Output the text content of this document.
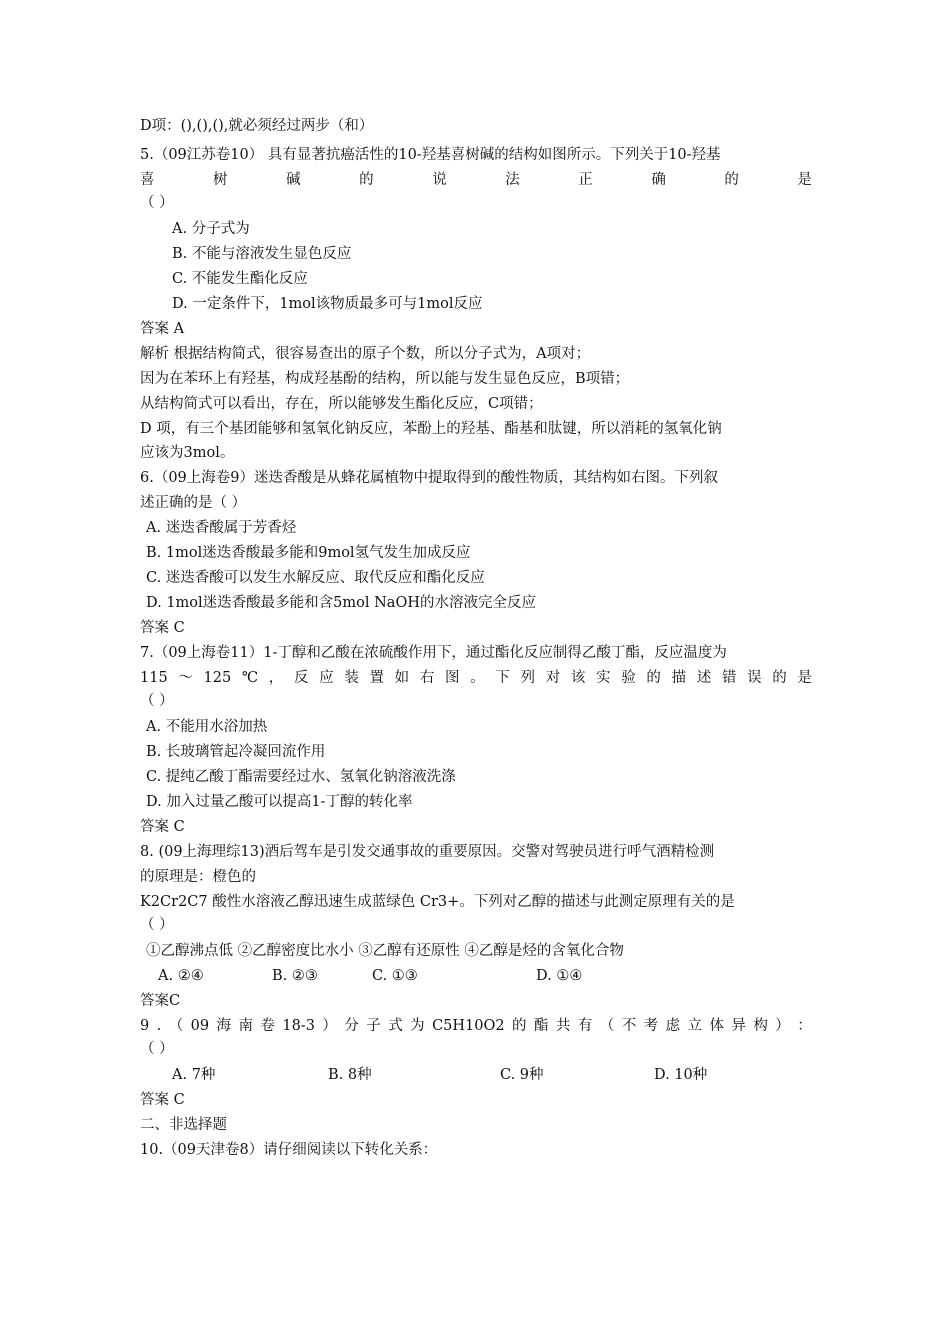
D项：(),(),(),就必须经过两步（和）
5.（09江苏卷10） 具有显著抗癌活性的10-羟基喜树碱的结构如图所示。下列关于10-羟基
喜	树	碱	的	说	法	正	确	的	是
（ ）
A. 分子式为
B. 不能与溶液发生显色反应
C. 不能发生酯化反应
D. 一定条件下，1mol该物质最多可与1mol反应
答案 A
解析 根据结构简式，很容易查出的原子个数，所以分子式为，A项对；
因为在苯环上有羟基，构成羟基酚的结构，所以能与发生显色反应，B项错；
从结构简式可以看出，存在，所以能够发生酯化反应，C项错；
D 项，有三个基团能够和氢氧化钠反应，苯酚上的羟基、酯基和肽键，所以消耗的氢氧化钠
应该为3mol。
6.（09上海卷9）迷迭香酸是从蜂花属植物中提取得到的酸性物质，其结构如右图。下列叙
述正确的是（ ）
A. 迷迭香酸属于芳香烃
B. 1mol迷迭香酸最多能和9mol氢气发生加成反应
C. 迷迭香酸可以发生水解反应、取代反应和酯化反应
D. 1mol迷迭香酸最多能和含5mol NaOH的水溶液完全反应
答案 C
7.（09上海卷11）1-丁醇和乙酸在浓硫酸作用下，通过酯化反应制得乙酸丁酯，反应温度为
115 ～ 125 ℃ ， 反 应 装 置 如 右 图 。 下 列 对 该 实 验 的 描 述 错 误 的 是
（ ）
A. 不能用水浴加热
B. 长玻璃管起冷凝回流作用
C. 提纯乙酸丁酯需要经过水、氢氧化钠溶液洗涤
D. 加入过量乙酸可以提高1-丁醇的转化率
答案 C
8. (09上海理综13)酒后驾车是引发交通事故的重要原因。交警对驾驶员进行呼气酒精检测
的原理是：橙色的
K2Cr2C7 酸性水溶液乙醇迅速生成蓝绿色 Cr3+。下列对乙醇的描述与此测定原理有关的是
（ ）
①乙醇沸点低 ②乙醇密度比水小 ③乙醇有还原性 ④乙醇是烃的含氧化合物
A. ②④	B. ②③	C. ①③	D. ①④
答案C
9 . （ 09 海 南 卷 18-3 ） 分 子 式 为 C5H10O2 的 酯 共 有 （ 不 考 虑 立 体 异 构 ） ：
（ ）
A. 7种	B. 8种	C. 9种	D. 10种
答案 C
二、非选择题
10.（09天津卷8）请仔细阅读以下转化关系：
